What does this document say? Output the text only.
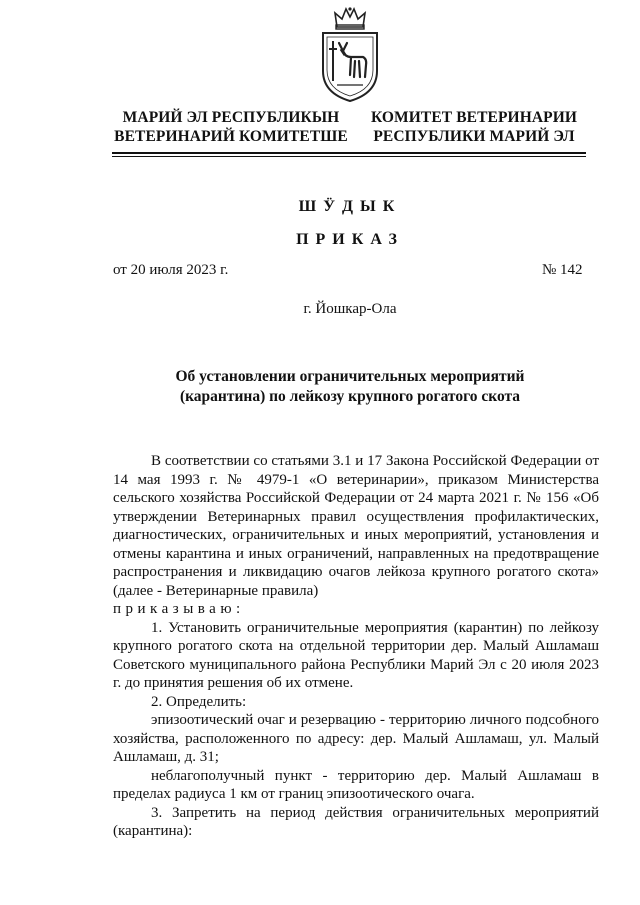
МАРИЙ ЭЛ РЕСПУБЛИКЫН
ВЕТЕРИНАРИЙ КОМИТЕТШЕ
КОМИТЕТ ВЕТЕРИНАРИИ
РЕСПУБЛИКИ МАРИЙ ЭЛ
ШӰДЫК
ПРИКАЗ
от 20 июля 2023 г.	№ 142
г. Йошкар-Ола
Об установлении ограничительных мероприятий
(карантина) по лейкозу крупного рогатого скота

В соответствии со статьями 3.1 и 17 Закона Российской Федерации от 14 мая 1993 г. № 4979-1 «О ветеринарии», приказом Министерства сельского хозяйства Российской Федерации от 24 марта 2021 г. № 156 «Об утверждении Ветеринарных правил осуществления профилактических, диагностических, ограничительных и иных мероприятий, установления и отмены карантина и иных ограничений, направленных на предотвращение распространения и ликвидацию очагов лейкоза крупного рогатого скота» (далее - Ветеринарные правила)

приказываю:

1. Установить ограничительные мероприятия (карантин) по лейкозу крупного рогатого скота на отдельной территории дер. Малый Ашламаш Советского муниципального района Республики Марий Эл с 20 июля 2023 г. до принятия решения об их отмене.

2. Определить:

эпизоотический очаг и резервацию - территорию личного подсобного хозяйства, расположенного по адресу: дер. Малый Ашламаш, ул. Малый Ашламаш, д. 31;

неблагополучный пункт - территорию дер. Малый Ашламаш в пределах радиуса 1 км от границ эпизоотического очага.

3. Запретить на период действия ограничительных мероприятий (карантина):
